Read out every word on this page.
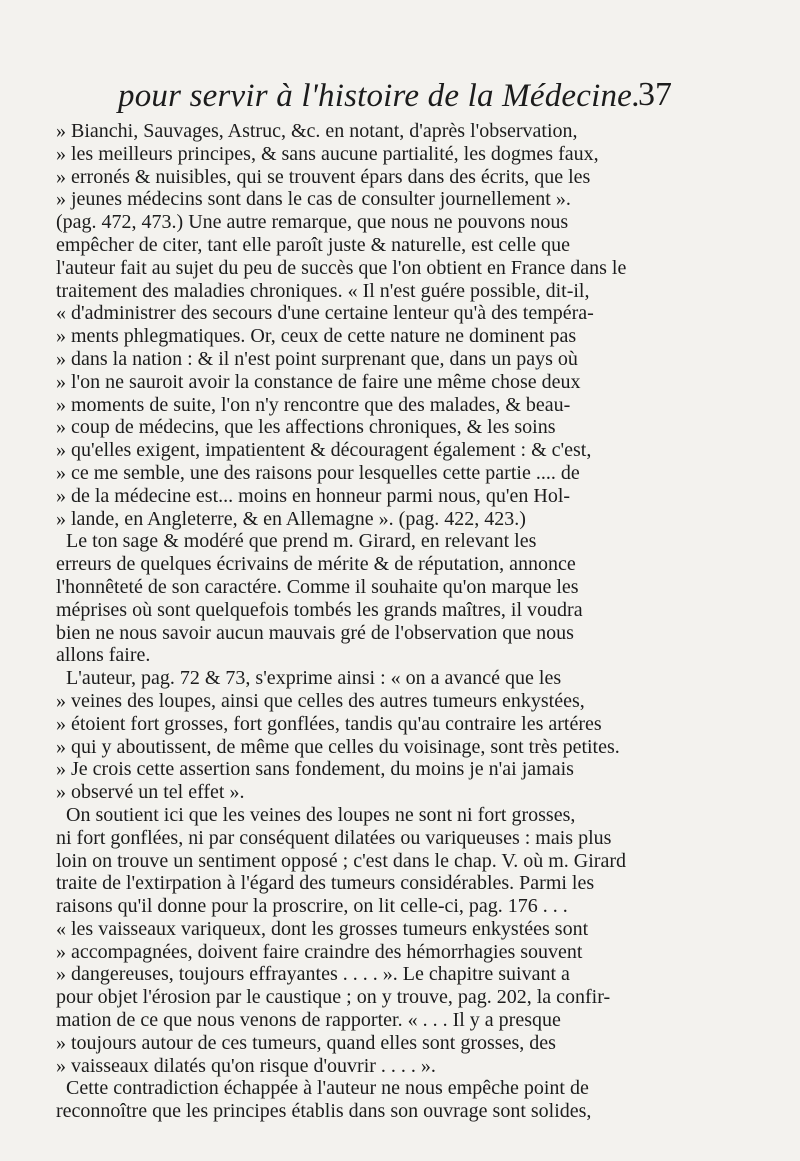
pour servir à l'histoire de la Médecine.
37
» Bianchi, Sauvages, Astruc, &c. en notant, d'après l'observation,
» les meilleurs principes, & sans aucune partialité, les dogmes faux,
» erronés & nuisibles, qui se trouvent épars dans des écrits, que les
» jeunes médecins sont dans le cas de consulter journellement ».
(pag. 472, 473.) Une autre remarque, que nous ne pouvons nous
empêcher de citer, tant elle paroît juste & naturelle, est celle que
l'auteur fait au sujet du peu de succès que l'on obtient en France dans le
traitement des maladies chroniques. « Il n'est guére possible, dit-il,
« d'administrer des secours d'une certaine lenteur qu'à des tempéra-
» ments phlegmatiques. Or, ceux de cette nature ne dominent pas
» dans la nation : & il n'est point surprenant que, dans un pays où
» l'on ne sauroit avoir la constance de faire une même chose deux
» moments de suite, l'on n'y rencontre que des malades, & beau-
» coup de médecins, que les affections chroniques, & les soins
» qu'elles exigent, impatientent & découragent également : & c'est,
» ce me semble, une des raisons pour lesquelles cette partie .... de
» de la médecine est... moins en honneur parmi nous, qu'en Hol-
» lande, en Angleterre, & en Allemagne ». (pag. 422, 423.)
Le ton sage & modéré que prend m. Girard, en relevant les
erreurs de quelques écrivains de mérite & de réputation, annonce
l'honnêteté de son caractére. Comme il souhaite qu'on marque les
méprises où sont quelquefois tombés les grands maîtres, il voudra
bien ne nous savoir aucun mauvais gré de l'observation que nous
allons faire.
L'auteur, pag. 72 & 73, s'exprime ainsi : « on a avancé que les
» veines des loupes, ainsi que celles des autres tumeurs enkystées,
» étoient fort grosses, fort gonflées, tandis qu'au contraire les artéres
» qui y aboutissent, de même que celles du voisinage, sont très petites.
» Je crois cette assertion sans fondement, du moins je n'ai jamais
» observé un tel effet ».
On soutient ici que les veines des loupes ne sont ni fort grosses,
ni fort gonflées, ni par conséquent dilatées ou variqueuses : mais plus
loin on trouve un sentiment opposé ; c'est dans le chap. V. où m. Girard
traite de l'extirpation à l'égard des tumeurs considérables. Parmi les
raisons qu'il donne pour la proscrire, on lit celle-ci, pag. 176 . . .
« les vaisseaux variqueux, dont les grosses tumeurs enkystées sont
» accompagnées, doivent faire craindre des hémorrhagies souvent
» dangereuses, toujours effrayantes . . . . ». Le chapitre suivant a
pour objet l'érosion par le caustique ; on y trouve, pag. 202, la confir-
mation de ce que nous venons de rapporter. « . . . Il y a presque
» toujours autour de ces tumeurs, quand elles sont grosses, des
» vaisseaux dilatés qu'on risque d'ouvrir . . . . ».
Cette contradiction échappée à l'auteur ne nous empêche point de
reconnoître que les principes établis dans son ouvrage sont solides,
